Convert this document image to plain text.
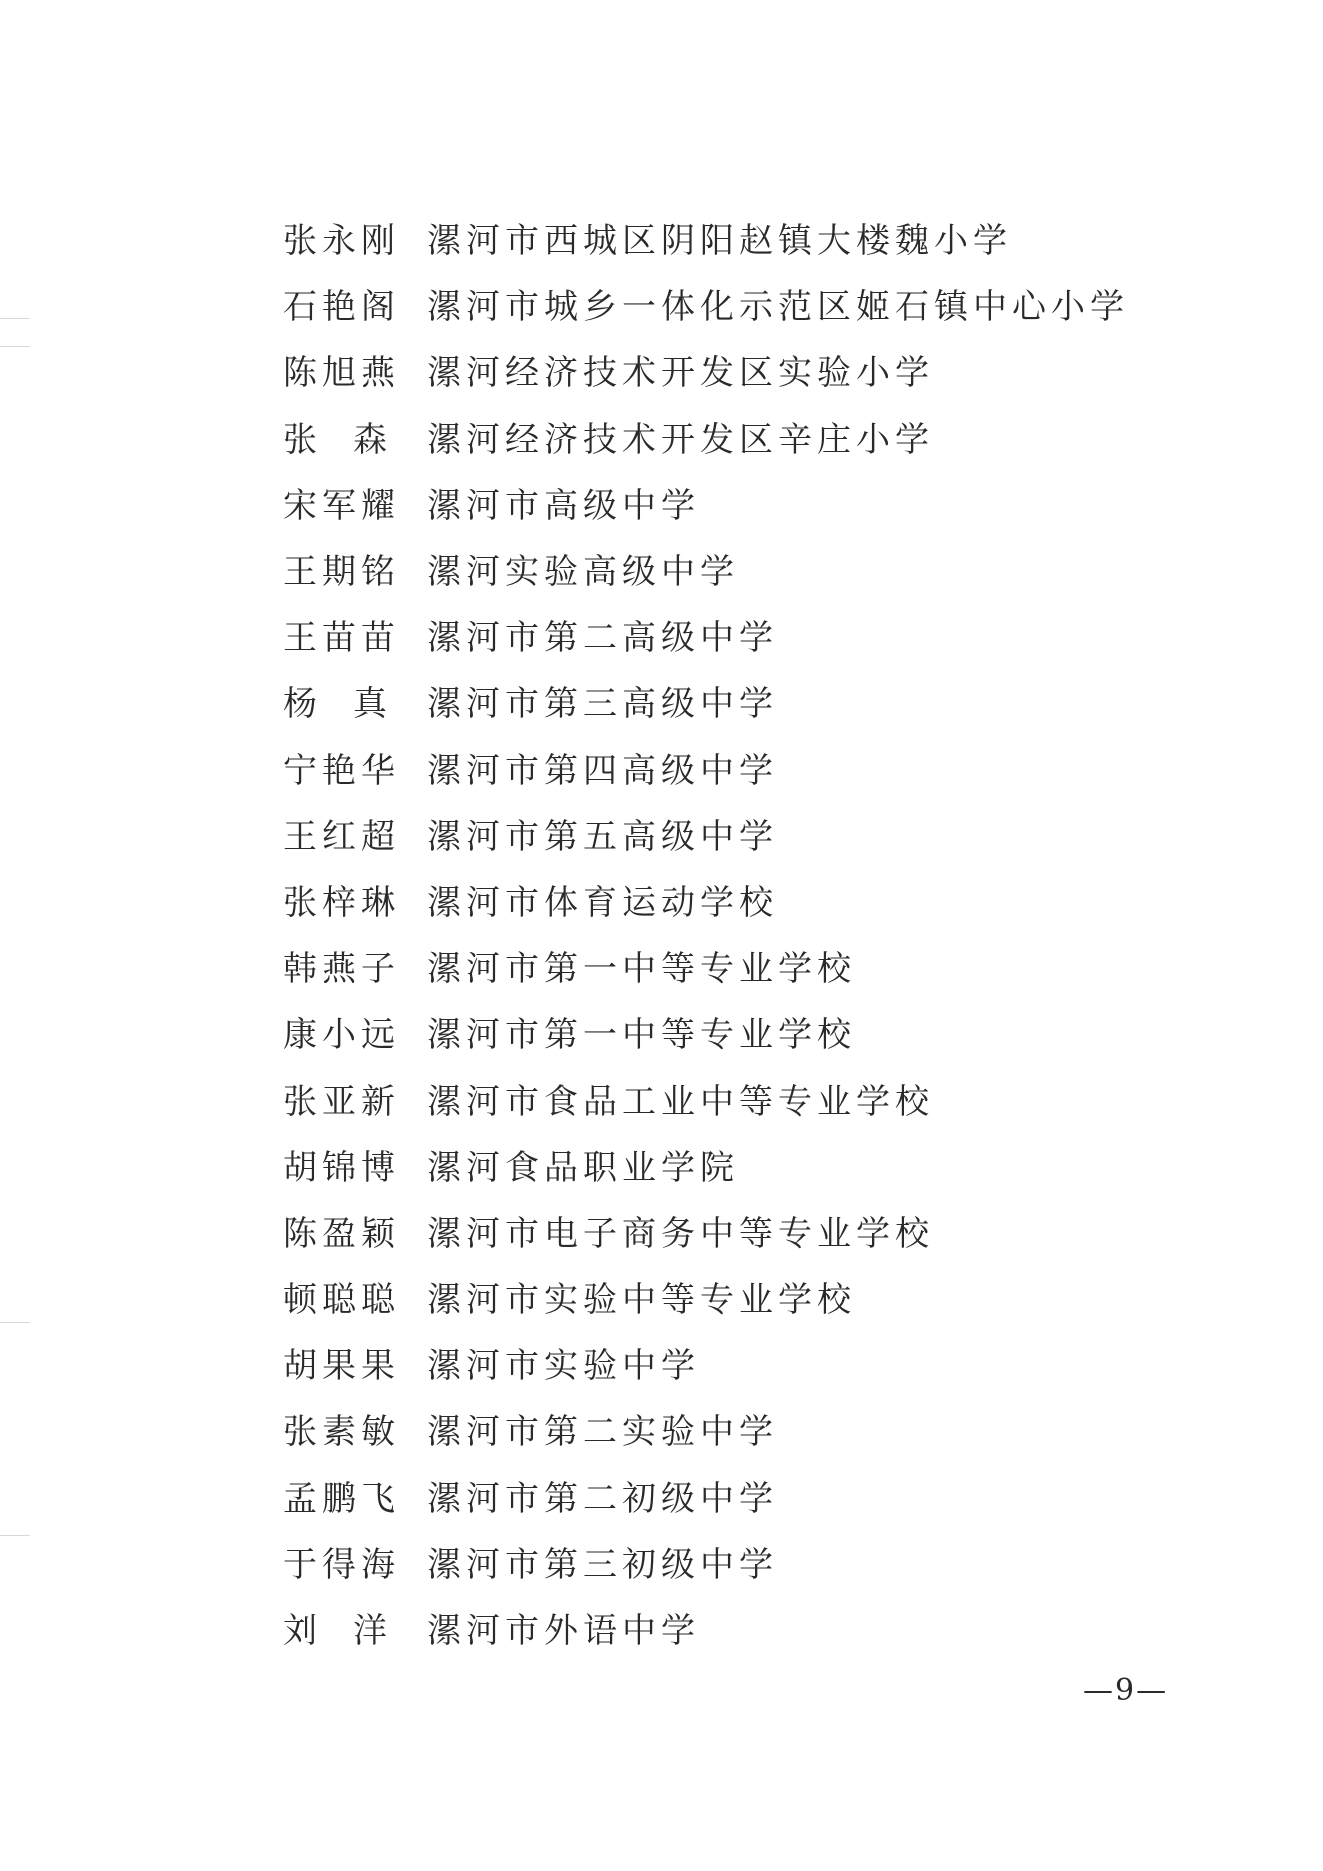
张永刚 漯河市西城区阴阳赵镇大楼魏小学
石艳阁 漯河市城乡一体化示范区姬石镇中心小学
陈旭燕 漯河经济技术开发区实验小学
张 森 漯河经济技术开发区辛庄小学
宋军耀 漯河市高级中学
王期铭 漯河实验高级中学
王苗苗 漯河市第二高级中学
杨 真 漯河市第三高级中学
宁艳华 漯河市第四高级中学
王红超 漯河市第五高级中学
张梓琳 漯河市体育运动学校
韩燕子 漯河市第一中等专业学校
康小远 漯河市第一中等专业学校
张亚新 漯河市食品工业中等专业学校
胡锦博 漯河食品职业学院
陈盈颖 漯河市电子商务中等专业学校
顿聪聪 漯河市实验中等专业学校
胡果果 漯河市实验中学
张素敏 漯河市第二实验中学
孟鹏飞 漯河市第二初级中学
于得海 漯河市第三初级中学
刘 洋 漯河市外语中学
—9—
